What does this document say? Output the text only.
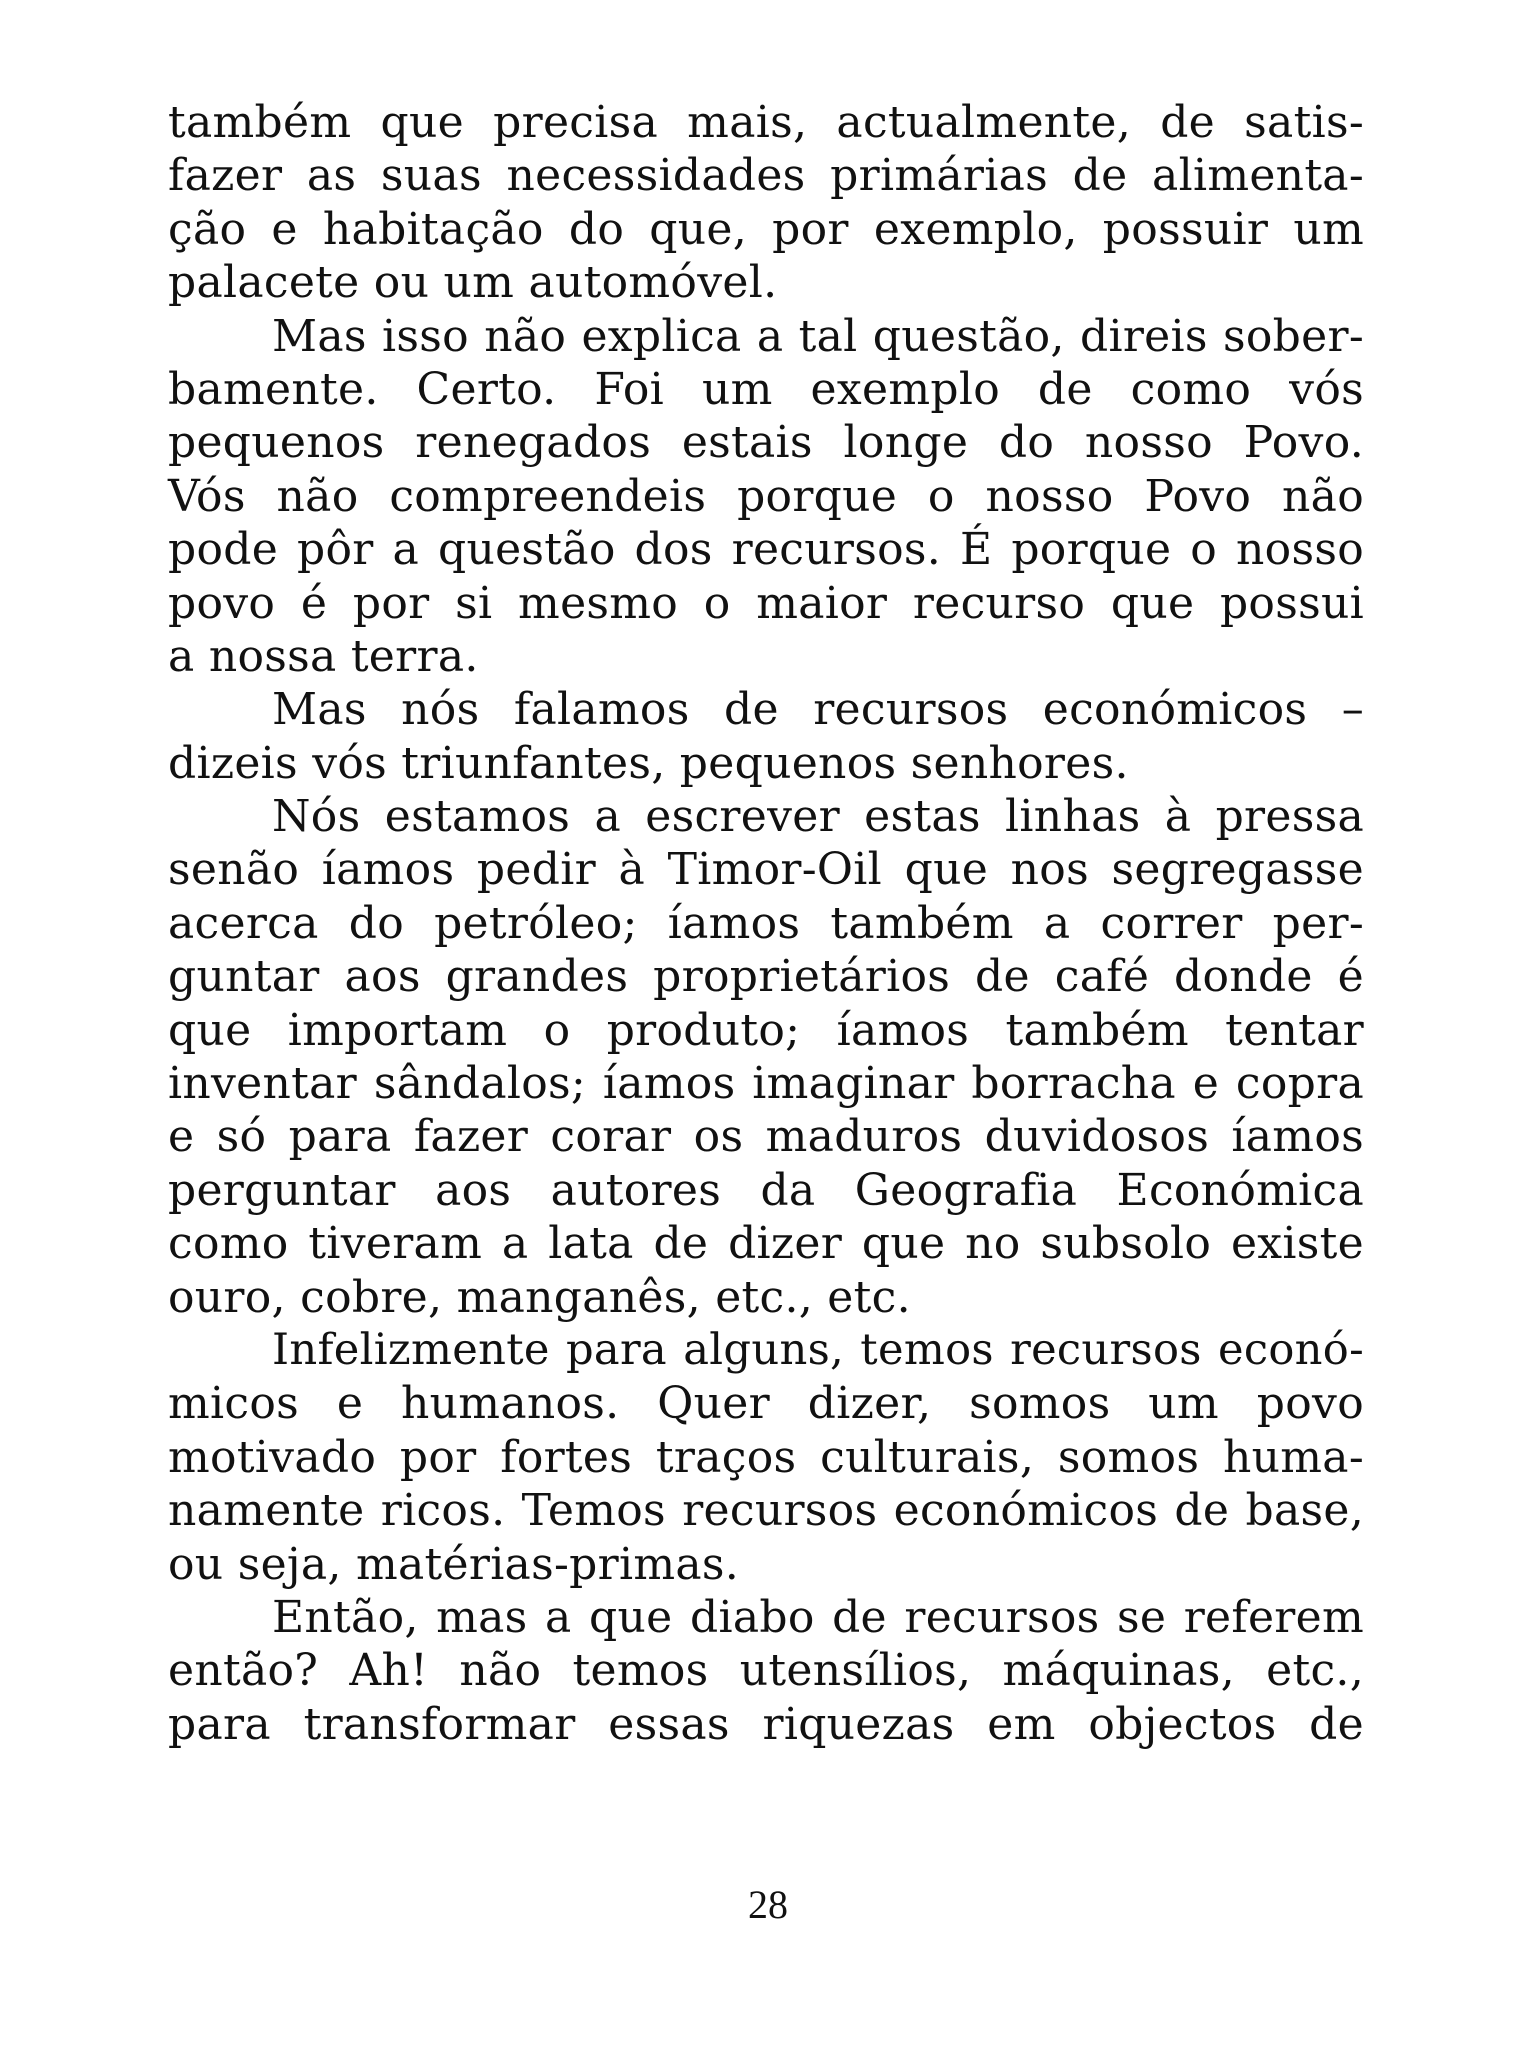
também que precisa mais, actualmente, de satis-
fazer as suas necessidades primárias de alimenta-
ção e habitação do que, por exemplo, possuir um
palacete ou um automóvel.
Mas isso não explica a tal questão, direis sober-
bamente. Certo. Foi um exemplo de como vós
pequenos renegados estais longe do nosso Povo.
Vós não compreendeis porque o nosso Povo não
pode pôr a questão dos recursos. É porque o nosso
povo é por si mesmo o maior recurso que possui
a nossa terra.
Mas nós falamos de recursos económicos –
dizeis vós triunfantes, pequenos senhores.
Nós estamos a escrever estas linhas à pressa
senão íamos pedir à Timor-Oil que nos segregasse
acerca do petróleo; íamos também a correr per-
guntar aos grandes proprietários de café donde é
que importam o produto; íamos também tentar
inventar sândalos; íamos imaginar borracha e copra
e só para fazer corar os maduros duvidosos íamos
perguntar aos autores da Geografia Económica
como tiveram a lata de dizer que no subsolo existe
ouro, cobre, manganês, etc., etc.
Infelizmente para alguns, temos recursos econó-
micos e humanos. Quer dizer, somos um povo
motivado por fortes traços culturais, somos huma-
namente ricos. Temos recursos económicos de base,
ou seja, matérias-primas.
Então, mas a que diabo de recursos se referem
então? Ah! não temos utensílios, máquinas, etc.,
para transformar essas riquezas em objectos de
28
